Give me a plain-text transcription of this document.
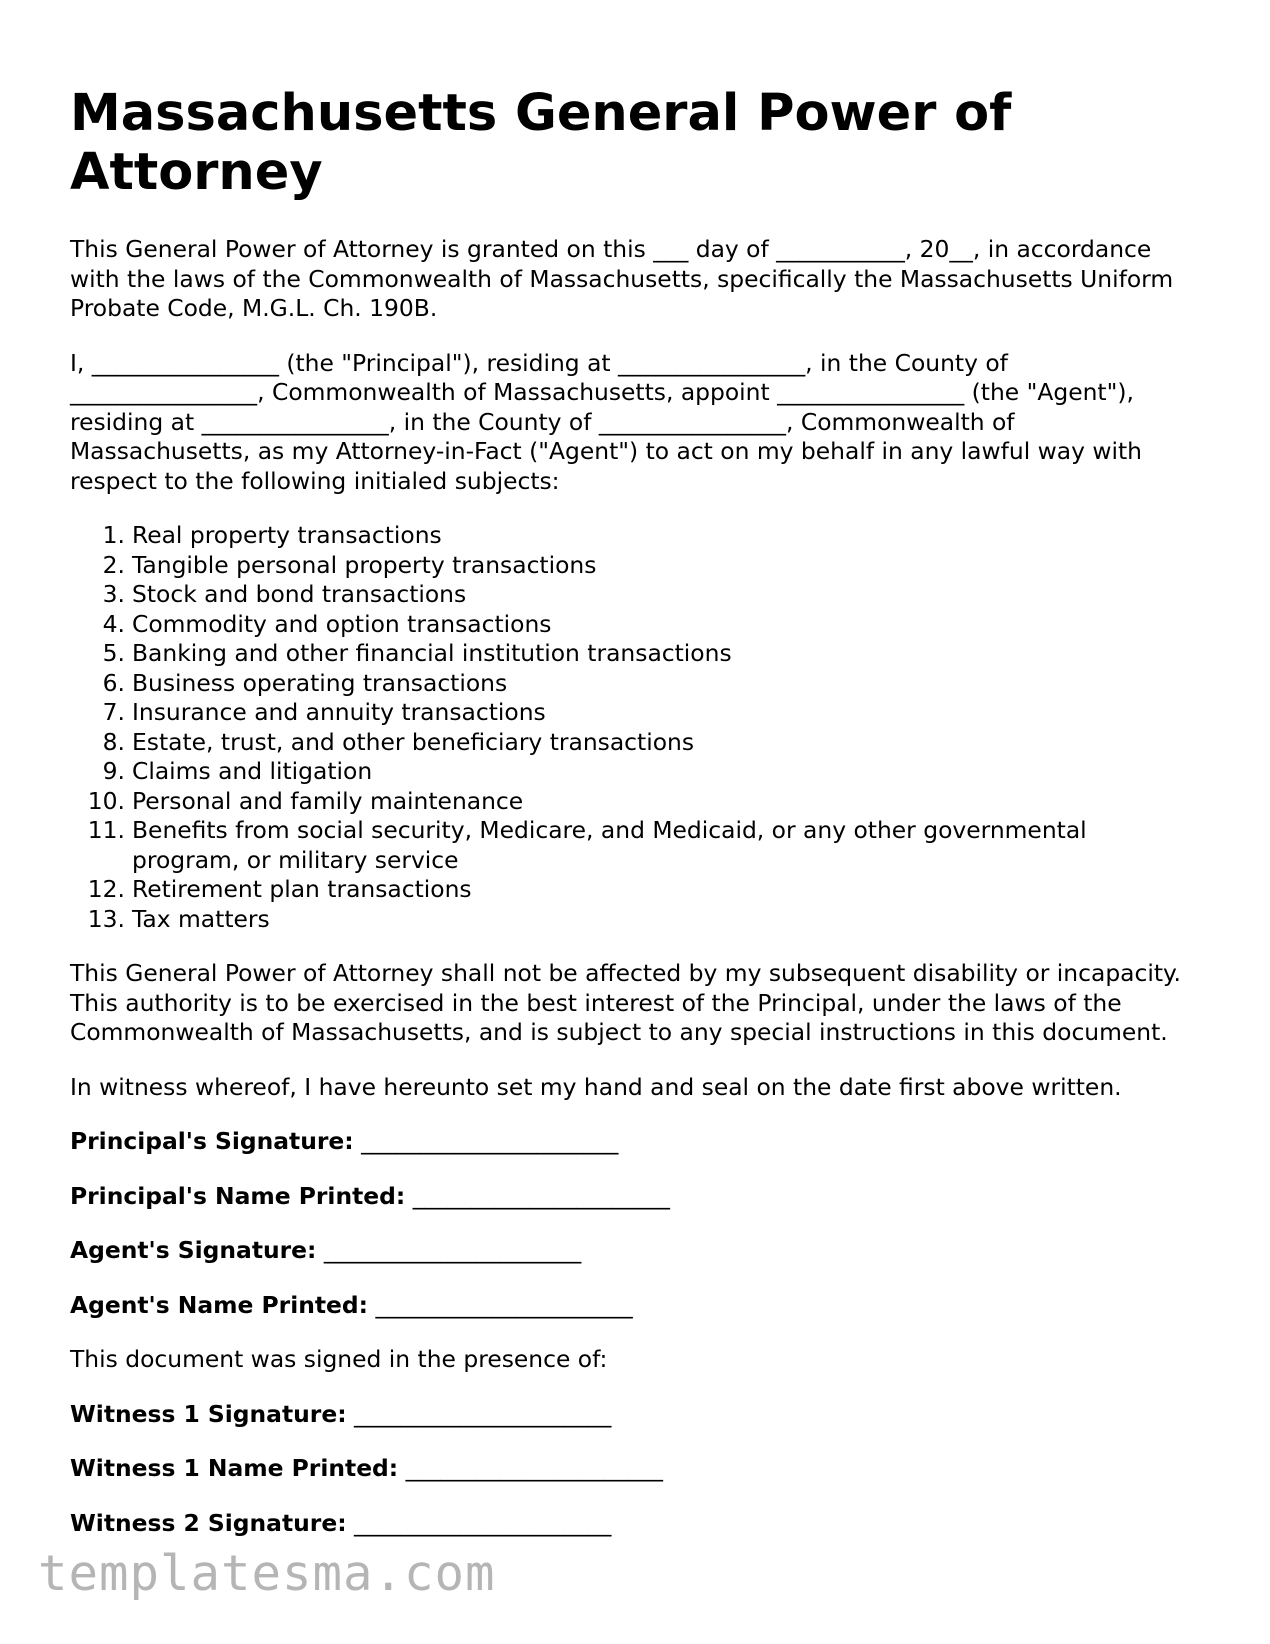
Massachusetts General Power of Attorney

This General Power of Attorney is granted on this ___ day of ___________, 20__, in accordance with the laws of the Commonwealth of Massachusetts, specifically the Massachusetts Uniform Probate Code, M.G.L. Ch. 190B.

I, ________________ (the "Principal"), residing at ________________, in the County of ________________, Commonwealth of Massachusetts, appoint ________________ (the "Agent"), residing at ________________, in the County of ________________, Commonwealth of Massachusetts, as my Attorney-in-Fact ("Agent") to act on my behalf in any lawful way with respect to the following initialed subjects:

1. Real property transactions
2. Tangible personal property transactions
3. Stock and bond transactions
4. Commodity and option transactions
5. Banking and other financial institution transactions
6. Business operating transactions
7. Insurance and annuity transactions
8. Estate, trust, and other beneficiary transactions
9. Claims and litigation
10. Personal and family maintenance
11. Benefits from social security, Medicare, and Medicaid, or any other governmental program, or military service
12. Retirement plan transactions
13. Tax matters

This General Power of Attorney shall not be affected by my subsequent disability or incapacity. This authority is to be exercised in the best interest of the Principal, under the laws of the Commonwealth of Massachusetts, and is subject to any special instructions in this document.

In witness whereof, I have hereunto set my hand and seal on the date first above written.

Principal's Signature: ______________________
Principal's Name Printed: ______________________
Agent's Signature: ______________________
Agent's Name Printed: ______________________

This document was signed in the presence of:

Witness 1 Signature: ______________________
Witness 1 Name Printed: ______________________
Witness 2 Signature: ______________________
templatesma.com
